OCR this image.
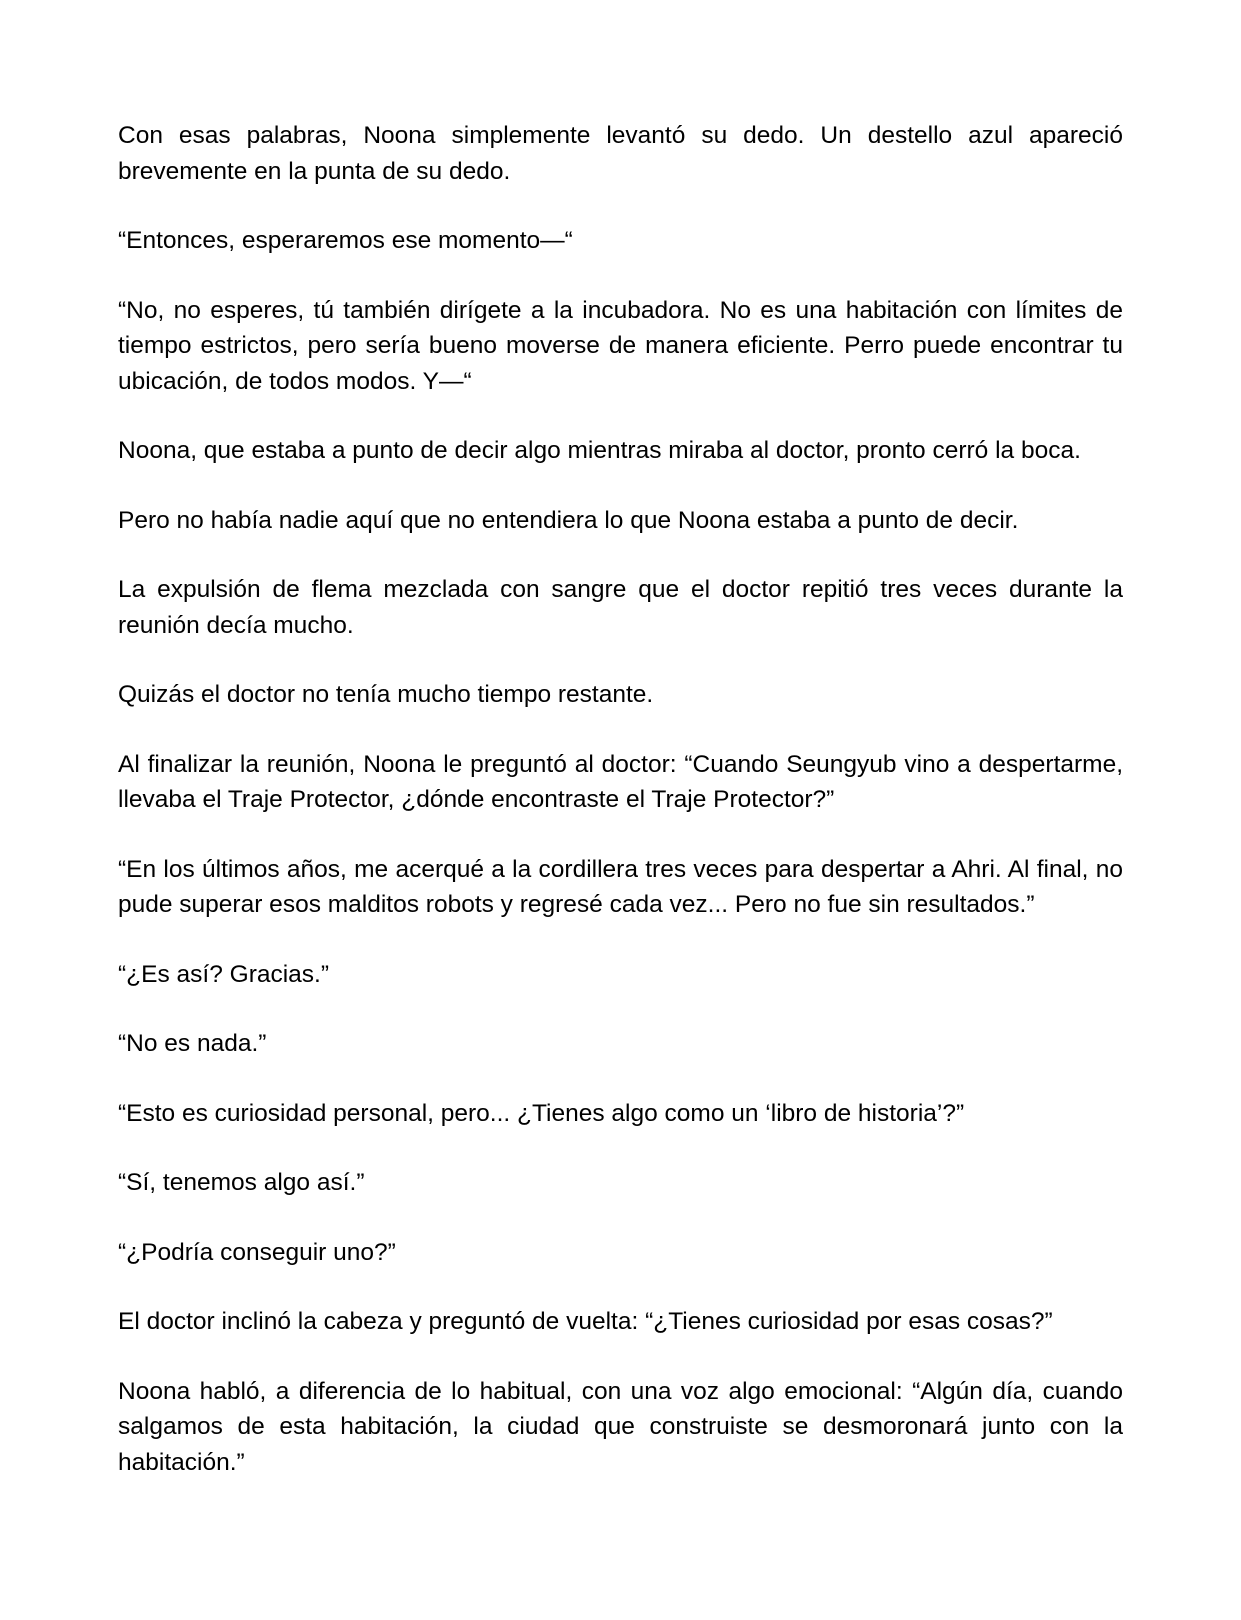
Con esas palabras, Noona simplemente levantó su dedo. Un destello azul apareció brevemente en la punta de su dedo.

“Entonces, esperaremos ese momento—“

“No, no esperes, tú también dirígete a la incubadora. No es una habitación con límites de tiempo estrictos, pero sería bueno moverse de manera eficiente. Perro puede encontrar tu ubicación, de todos modos. Y—“

Noona, que estaba a punto de decir algo mientras miraba al doctor, pronto cerró la boca.

Pero no había nadie aquí que no entendiera lo que Noona estaba a punto de decir.

La expulsión de flema mezclada con sangre que el doctor repitió tres veces durante la reunión decía mucho.

Quizás el doctor no tenía mucho tiempo restante.

Al finalizar la reunión, Noona le preguntó al doctor: “Cuando Seungyub vino a despertarme, llevaba el Traje Protector, ¿dónde encontraste el Traje Protector?”

“En los últimos años, me acerqué a la cordillera tres veces para despertar a Ahri. Al final, no pude superar esos malditos robots y regresé cada vez... Pero no fue sin resultados.”

“¿Es así? Gracias.”

“No es nada.”

“Esto es curiosidad personal, pero... ¿Tienes algo como un ‘libro de historia’?”

“Sí, tenemos algo así.”

“¿Podría conseguir uno?”

El doctor inclinó la cabeza y preguntó de vuelta: “¿Tienes curiosidad por esas cosas?”

Noona habló, a diferencia de lo habitual, con una voz algo emocional: “Algún día, cuando salgamos de esta habitación, la ciudad que construiste se desmoronará junto con la habitación.”
